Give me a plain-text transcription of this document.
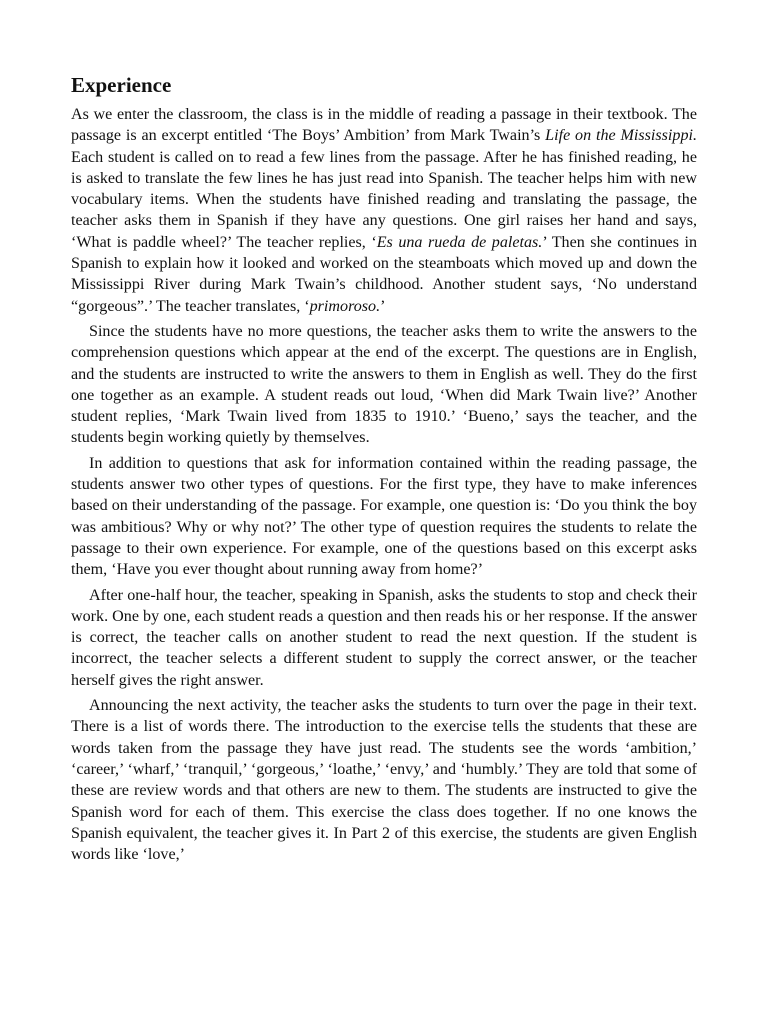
Experience

As we enter the classroom, the class is in the middle of reading a passage in their textbook. The passage is an excerpt entitled ‘The Boys’ Ambition’ from Mark Twain’s Life on the Mississippi. Each student is called on to read a few lines from the passage. After he has finished reading, he is asked to translate the few lines he has just read into Spanish. The teacher helps him with new vocabulary items. When the students have finished reading and translating the passage, the teacher asks them in Spanish if they have any questions. One girl raises her hand and says, ‘What is paddle wheel?’ The teacher replies, ‘Es una rueda de paletas.’ Then she continues in Spanish to explain how it looked and worked on the steamboats which moved up and down the Mississippi River during Mark Twain’s childhood. Another student says, ‘No understand “gorgeous”.’ The teacher translates, ‘primoroso.’

Since the students have no more questions, the teacher asks them to write the answers to the comprehension questions which appear at the end of the excerpt. The questions are in English, and the students are instructed to write the answers to them in English as well. They do the first one together as an example. A student reads out loud, ‘When did Mark Twain live?’ Another student replies, ‘Mark Twain lived from 1835 to 1910.’ ‘Bueno,’ says the teacher, and the students begin working quietly by themselves.

In addition to questions that ask for information contained within the reading passage, the students answer two other types of questions. For the first type, they have to make inferences based on their understanding of the passage. For example, one question is: ‘Do you think the boy was ambitious? Why or why not?’ The other type of question requires the students to relate the passage to their own experience. For example, one of the questions based on this excerpt asks them, ‘Have you ever thought about running away from home?’

After one-half hour, the teacher, speaking in Spanish, asks the students to stop and check their work. One by one, each student reads a question and then reads his or her response. If the answer is correct, the teacher calls on another student to read the next question. If the student is incorrect, the teacher selects a different student to supply the correct answer, or the teacher herself gives the right answer.

Announcing the next activity, the teacher asks the students to turn over the page in their text. There is a list of words there. The introduction to the exercise tells the students that these are words taken from the passage they have just read. The students see the words ‘ambition,’ ‘career,’ ‘wharf,’ ‘tranquil,’ ‘gorgeous,’ ‘loathe,’ ‘envy,’ and ‘humbly.’ They are told that some of these are review words and that others are new to them. The students are instructed to give the Spanish word for each of them. This exercise the class does together. If no one knows the Spanish equivalent, the teacher gives it. In Part 2 of this exercise, the students are given English words like ‘love,’
